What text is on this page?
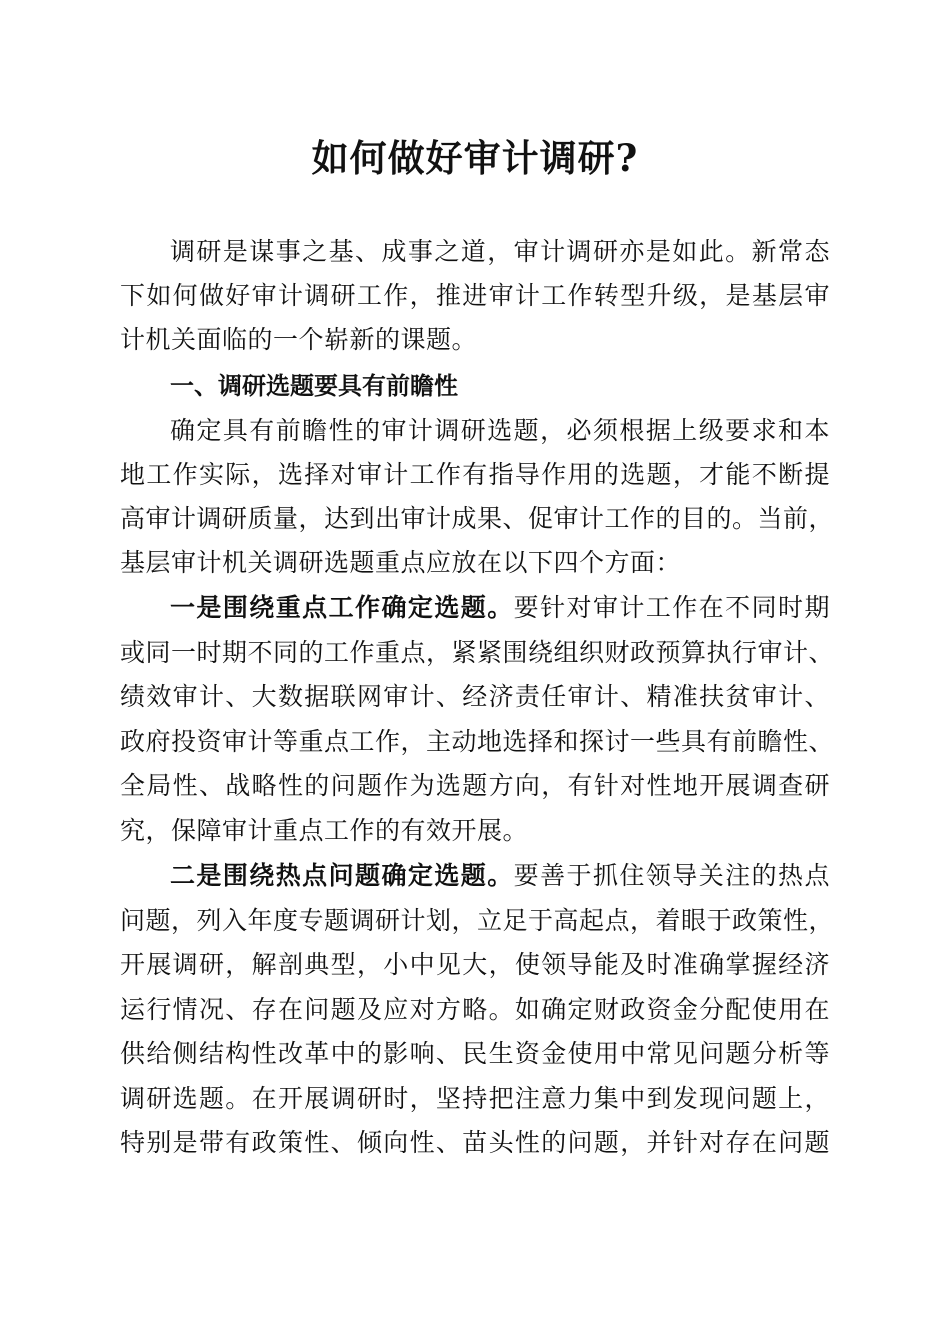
如何做好审计调研?
调研是谋事之基、成事之道，审计调研亦是如此。新常态
下如何做好审计调研工作，推进审计工作转型升级，是基层审
计机关面临的一个崭新的课题。
一、调研选题要具有前瞻性
确定具有前瞻性的审计调研选题，必须根据上级要求和本
地工作实际，选择对审计工作有指导作用的选题，才能不断提
高审计调研质量，达到出审计成果、促审计工作的目的。当前，
基层审计机关调研选题重点应放在以下四个方面：
一是围绕重点工作确定选题。要针对审计工作在不同时期
或同一时期不同的工作重点，紧紧围绕组织财政预算执行审计、
绩效审计、大数据联网审计、经济责任审计、精准扶贫审计、
政府投资审计等重点工作，主动地选择和探讨一些具有前瞻性、
全局性、战略性的问题作为选题方向，有针对性地开展调查研
究，保障审计重点工作的有效开展。
二是围绕热点问题确定选题。要善于抓住领导关注的热点
问题，列入年度专题调研计划，立足于高起点，着眼于政策性，
开展调研，解剖典型，小中见大，使领导能及时准确掌握经济
运行情况、存在问题及应对方略。如确定财政资金分配使用在
供给侧结构性改革中的影响、民生资金使用中常见问题分析等
调研选题。在开展调研时，坚持把注意力集中到发现问题上，
特别是带有政策性、倾向性、苗头性的问题，并针对存在问题
